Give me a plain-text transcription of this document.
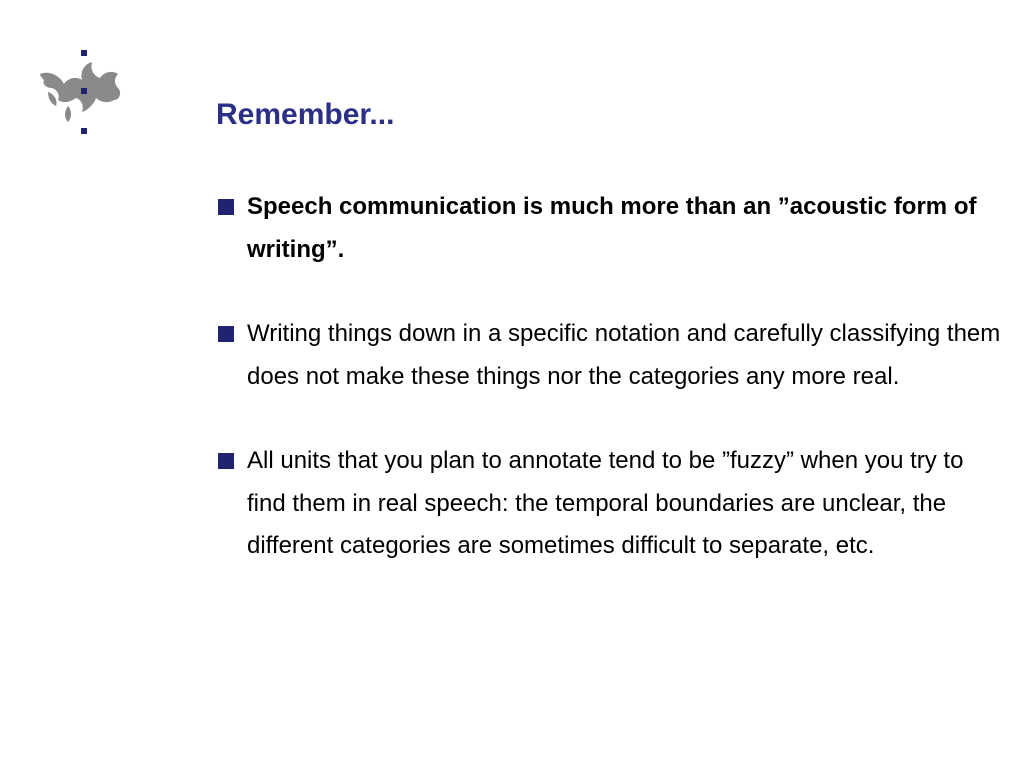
Remember...
Speech communication is much more than an ”acoustic form of writing”.
Writing things down in a specific notation and carefully classifying them does not make these things nor the categories any more real.
All units that you plan to annotate tend to be ”fuzzy” when you try to find them in real speech: the temporal boundaries are unclear, the different categories are sometimes difficult to separate, etc.
